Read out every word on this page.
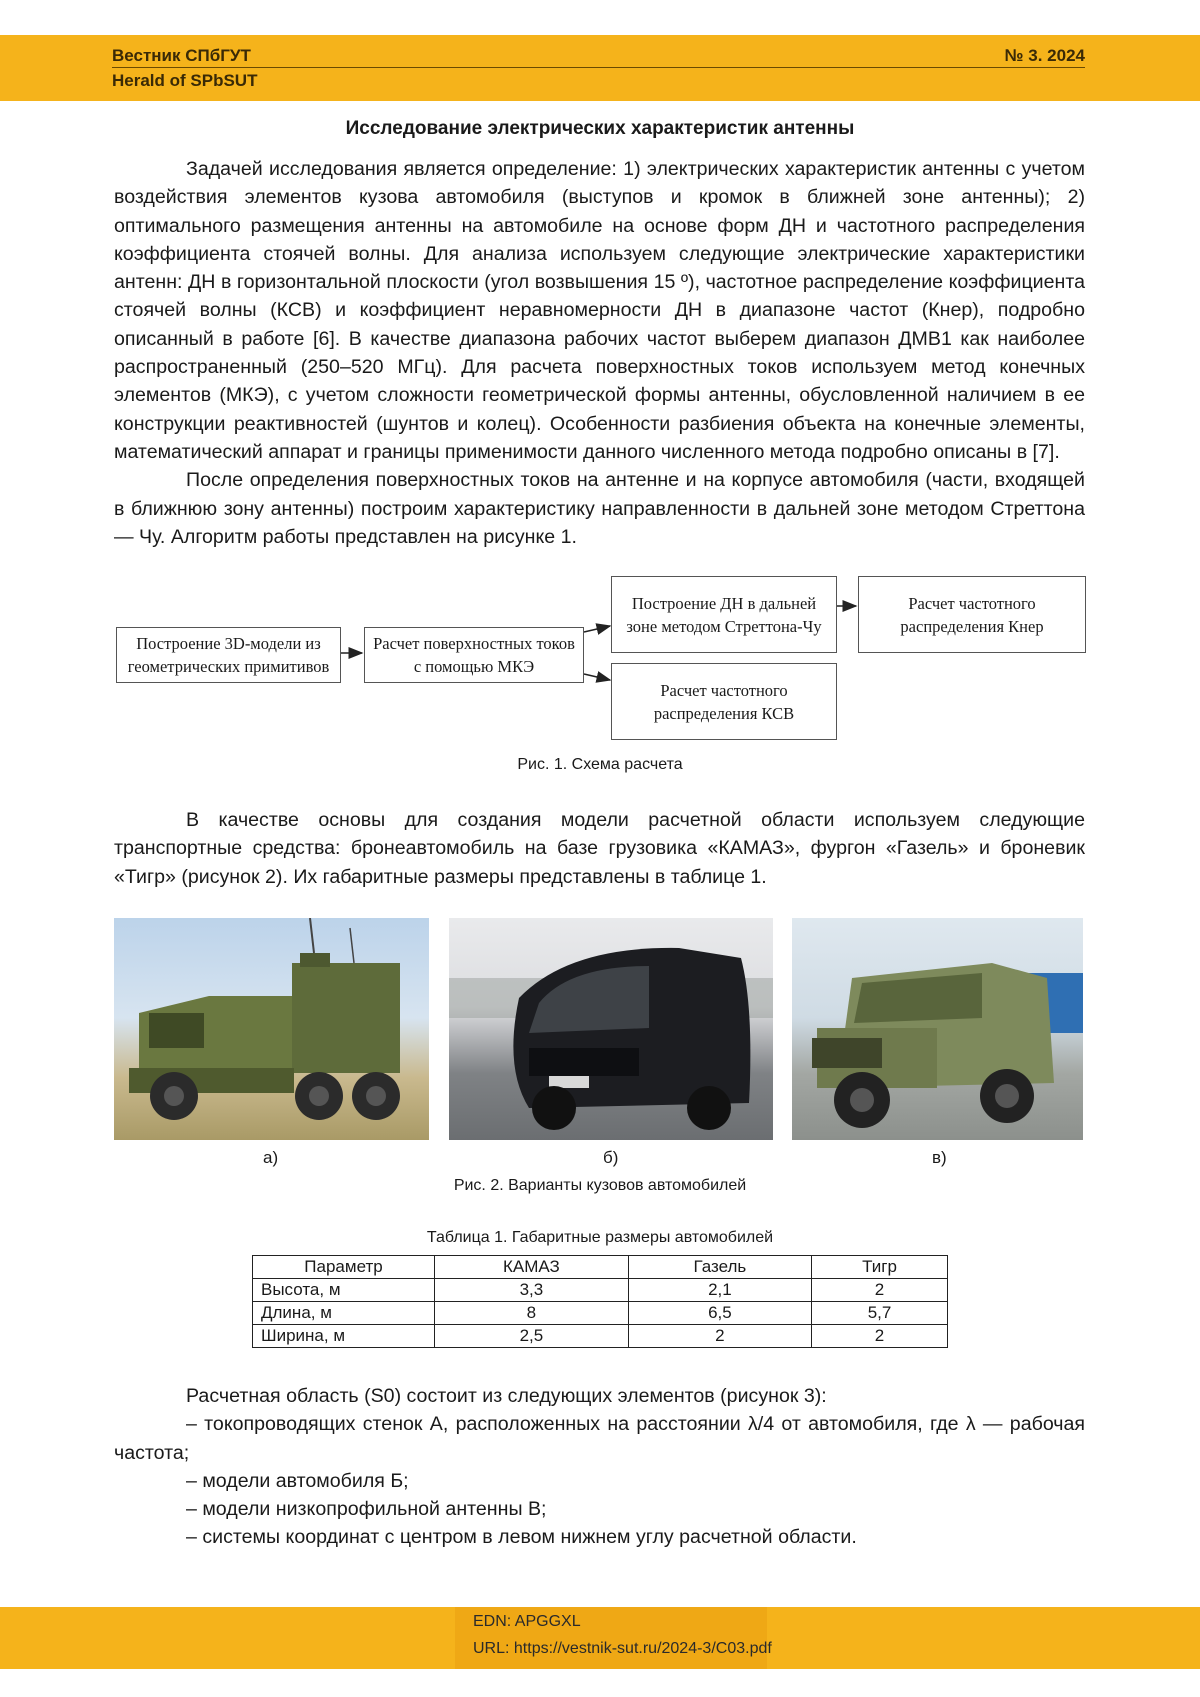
Вестник СПбГУТ
Herald of SPbSUT
№ 3. 2024
Исследование электрических характеристик антенны

Задачей исследования является определение: 1) электрических характеристик антенны с учетом воздействия элементов кузова автомобиля (выступов и кромок в ближней зоне антенны); 2) оптимального размещения антенны на автомобиле на основе форм ДН и частотного распределения коэффициента стоячей волны. Для анализа используем следующие электрические характеристики антенн: ДН в горизонтальной плоскости (угол возвышения 15 º), частотное распределение коэффициента стоячей волны (КСВ) и коэффициент неравномерности ДН в диапазоне частот (Кнер), подробно описанный в работе [6]. В качестве диапазона рабочих частот выберем диапазон ДМВ1 как наиболее распространенный (250–520 МГц). Для расчета поверхностных токов используем метод конечных элементов (МКЭ), с учетом сложности геометрической формы антенны, обусловленной наличием в ее конструкции реактивностей (шунтов и колец). Особенности разбиения объекта на конечные элементы, математический аппарат и границы применимости данного численного метода подробно описаны в [7].

После определения поверхностных токов на антенне и на корпусе автомобиля (части, входящей в ближнюю зону антенны) построим характеристику направленности в дальней зоне методом Стреттона — Чу. Алгоритм работы представлен на рисунке 1.

Построение 3D-модели из геометрических примитивов
Расчет поверхностных токов с помощью МКЭ
Построение ДН в дальней зоне методом Стреттона-Чу
Расчет частотного распределения Кнер
Расчет частотного распределения КСВ
Рис. 1. Схема расчета

В качестве основы для создания модели расчетной области используем следующие транспортные средства: бронеавтомобиль на базе грузовика «КАМАЗ», фургон «Газель» и броневик «Тигр» (рисунок 2). Их габаритные размеры представлены в таблице 1.

а)	б)	в)
Рис. 2. Варианты кузовов автомобилей
Таблица 1. Габаритные размеры автомобилей
Параметр	КАМАЗ	Газель	Тигр
Высота, м	3,3	2,1	2
Длина, м	8	6,5	5,7
Ширина, м	2,5	2	2

Расчетная область (S0) состоит из следующих элементов (рисунок 3):

– токопроводящих стенок А, расположенных на расстоянии λ/4 от автомобиля, где λ — рабочая частота;

– модели автомобиля Б;

– модели низкопрофильной антенны В;

– системы координат с центром в левом нижнем углу расчетной области.

EDN: APGGXL
URL: https://vestnik-sut.ru/2024-3/C03.pdf
